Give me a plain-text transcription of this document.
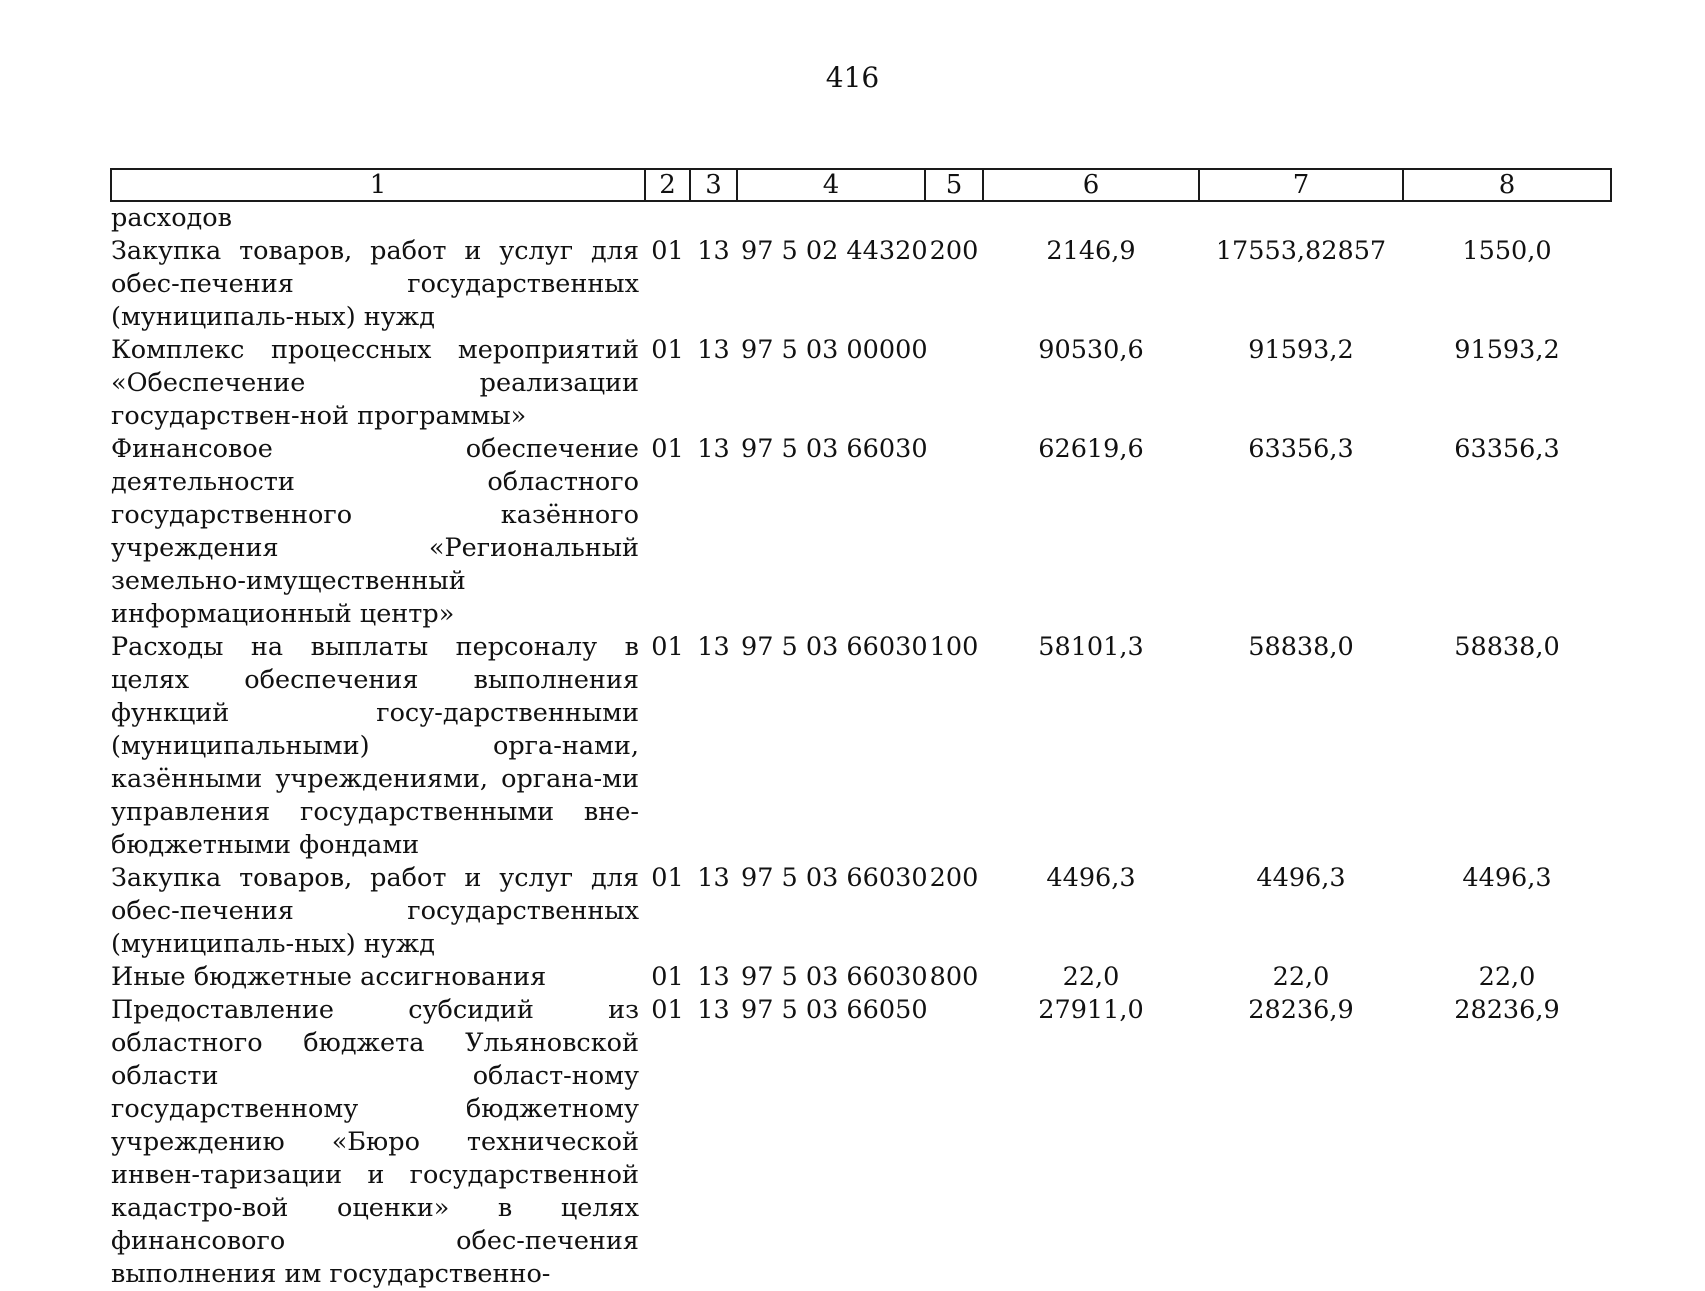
416
1	2	3	4	5	6	7	8
расходов							
Закупка товаров, работ и услуг для обес-печения государственных (муниципаль-ных) нужд	01	13	97 5 02 44320	200	2146,9	17553,82857	1550,0
Комплекс процессных мероприятий «Обеспечение реализации государствен-ной программы»	01	13	97 5 03 00000		90530,6	91593,2	91593,2
Финансовое обеспечение деятельности областного государственного казённого учреждения «Региональный земельно-имущественный информационный центр»	01	13	97 5 03 66030		62619,6	63356,3	63356,3
Расходы на выплаты персоналу в целях обеспечения выполнения функций госу-дарственными (муниципальными) орга-нами, казёнными учреждениями, органа-ми управления государственными вне-бюджетными фондами	01	13	97 5 03 66030	100	58101,3	58838,0	58838,0
Закупка товаров, работ и услуг для обес-печения государственных (муниципаль-ных) нужд	01	13	97 5 03 66030	200	4496,3	4496,3	4496,3
Иные бюджетные ассигнования	01	13	97 5 03 66030	800	22,0	22,0	22,0
Предоставление субсидий из областного бюджета Ульяновской области област-ному государственному бюджетному учреждению «Бюро технической инвен-таризации и государственной кадастро-вой оценки» в целях финансового обес-печения выполнения им государственно-	01	13	97 5 03 66050		27911,0	28236,9	28236,9
